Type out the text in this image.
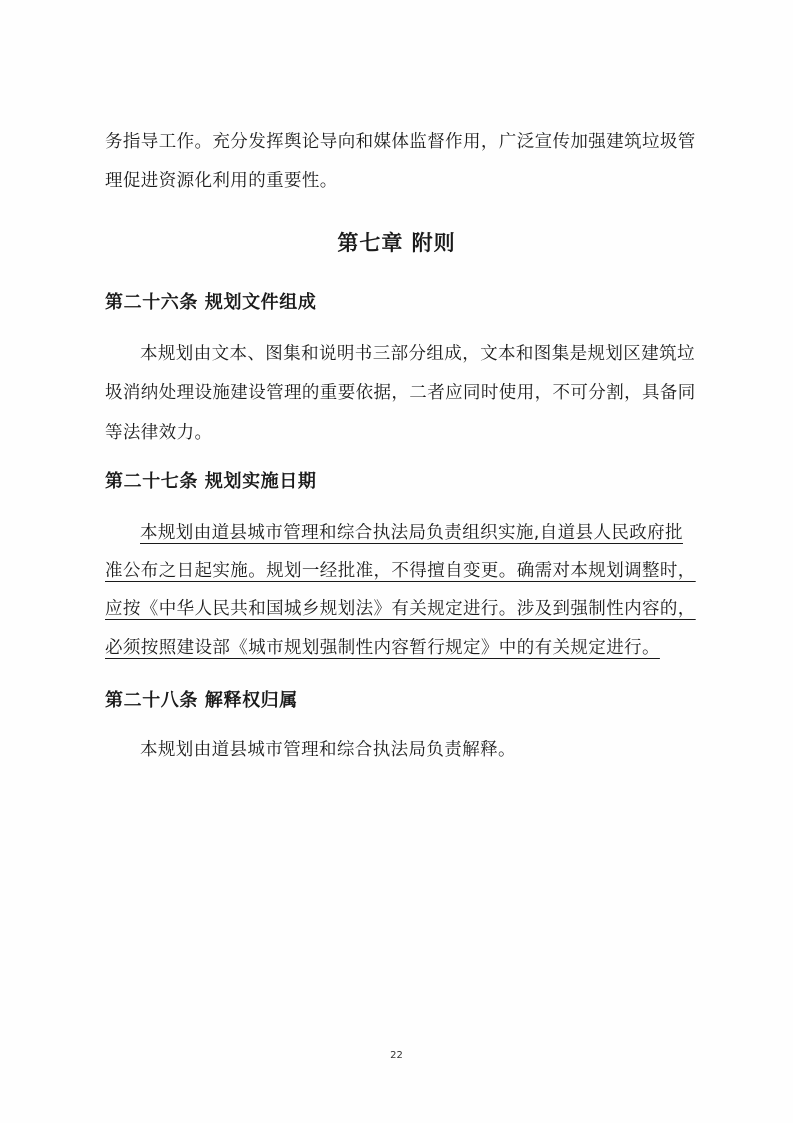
务指导工作。充分发挥舆论导向和媒体监督作用，广泛宣传加强建筑垃圾管
理促进资源化利用的重要性。
第七章 附则
第二十六条 规划文件组成
本规划由文本、图集和说明书三部分组成，文本和图集是规划区建筑垃
圾消纳处理设施建设管理的重要依据，二者应同时使用，不可分割，具备同
等法律效力。
第二十七条 规划实施日期
本规划由道县城市管理和综合执法局负责组织实施,自道县人民政府批
准公布之日起实施。规划一经批准，不得擅自变更。确需对本规划调整时，
应按《中华人民共和国城乡规划法》有关规定进行。涉及到强制性内容的，
必须按照建设部《城市规划强制性内容暂行规定》中的有关规定进行。
第二十八条 解释权归属
本规划由道县城市管理和综合执法局负责解释。
22
